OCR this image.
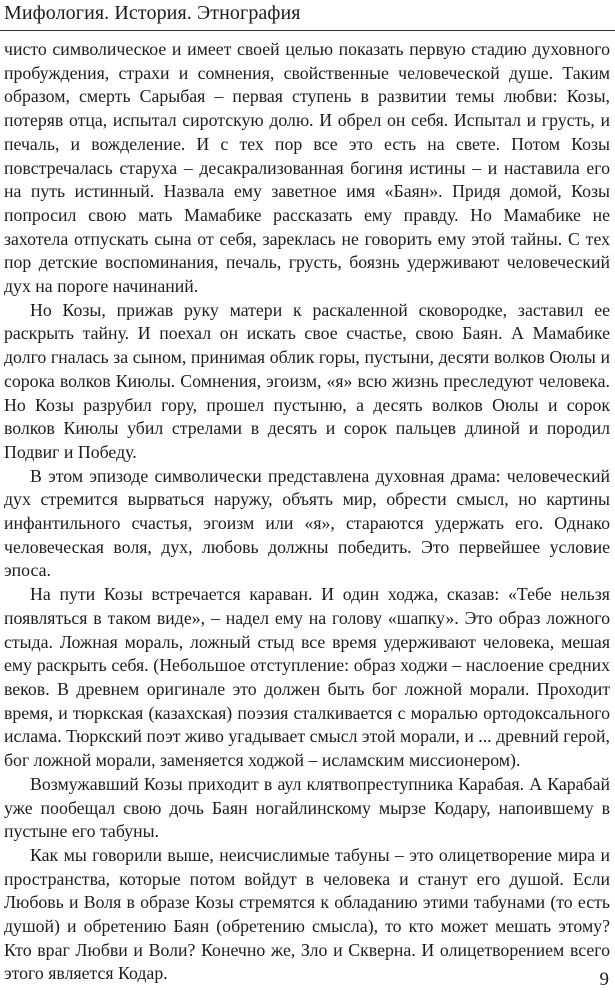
Мифология. История. Этнография

чисто символическое и имеет своей целью показать первую стадию духовного пробуждения, страхи и сомнения, свойственные человеческой душе. Таким образом, смерть Сарыбая – первая ступень в развитии темы любви: Козы, потеряв отца, испытал сиротскую долю. И обрел он себя. Испытал и грусть, и печаль, и вожделение. И с тех пор все это есть на свете. Потом Козы повстречалась старуха – десакрализованная богиня истины – и наставила его на путь истинный. Назвала ему заветное имя «Баян». Придя домой, Козы попросил свою мать Мамабике рассказать ему правду. Но Мамабике не захотела отпускать сына от себя, зареклась не говорить ему этой тайны. С тех пор детские воспоминания, печаль, грусть, боязнь удерживают человеческий дух на пороге начинаний.

Но Козы, прижав руку матери к раскаленной сковородке, заставил ее раскрыть тайну. И поехал он искать свое счастье, свою Баян. А Мамабике долго гналась за сыном, принимая облик горы, пустыни, десяти волков Оюлы и сорока волков Киюлы. Сомнения, эгоизм, «я» всю жизнь преследуют человека. Но Козы разрубил гору, прошел пустыню, а десять волков Оюлы и сорок волков Киюлы убил стрелами в десять и сорок пальцев длиной и породил Подвиг и Победу.

В этом эпизоде символически представлена духовная драма: человеческий дух стремится вырваться наружу, объять мир, обрести смысл, но картины инфантильного счастья, эгоизм или «я», стараются удержать его. Однако человеческая воля, дух, любовь должны победить. Это первейшее условие эпоса.

На пути Козы встречается караван. И один ходжа, сказав: «Тебе нельзя появляться в таком виде», – надел ему на голову «шапку». Это образ ложного стыда. Ложная мораль, ложный стыд все время удерживают человека, мешая ему раскрыть себя. (Небольшое отступление: образ ходжи – наслоение средних веков. В древнем оригинале это должен быть бог ложной морали. Проходит время, и тюркская (казахская) поэзия сталкивается с моралью ортодоксального ислама. Тюркский поэт живо угадывает смысл этой морали, и ... древний герой, бог ложной морали, заменяется ходжой – исламским миссионером).

Возмужавший Козы приходит в аул клятвопреступника Карабая. А Карабай уже пообещал свою дочь Баян ногайлинскому мырзе Кодару, напоившему в пустыне его табуны.

Как мы говорили выше, неисчислимые табуны – это олицетворение мира и пространства, которые потом войдут в человека и станут его душой. Если Любовь и Воля в образе Козы стремятся к обладанию этими табунами (то есть душой) и обретению Баян (обретению смысла), то кто может мешать этому? Кто враг Любви и Воли? Конечно же, Зло и Скверна. И олицетворением всего этого является Кодар.	9
